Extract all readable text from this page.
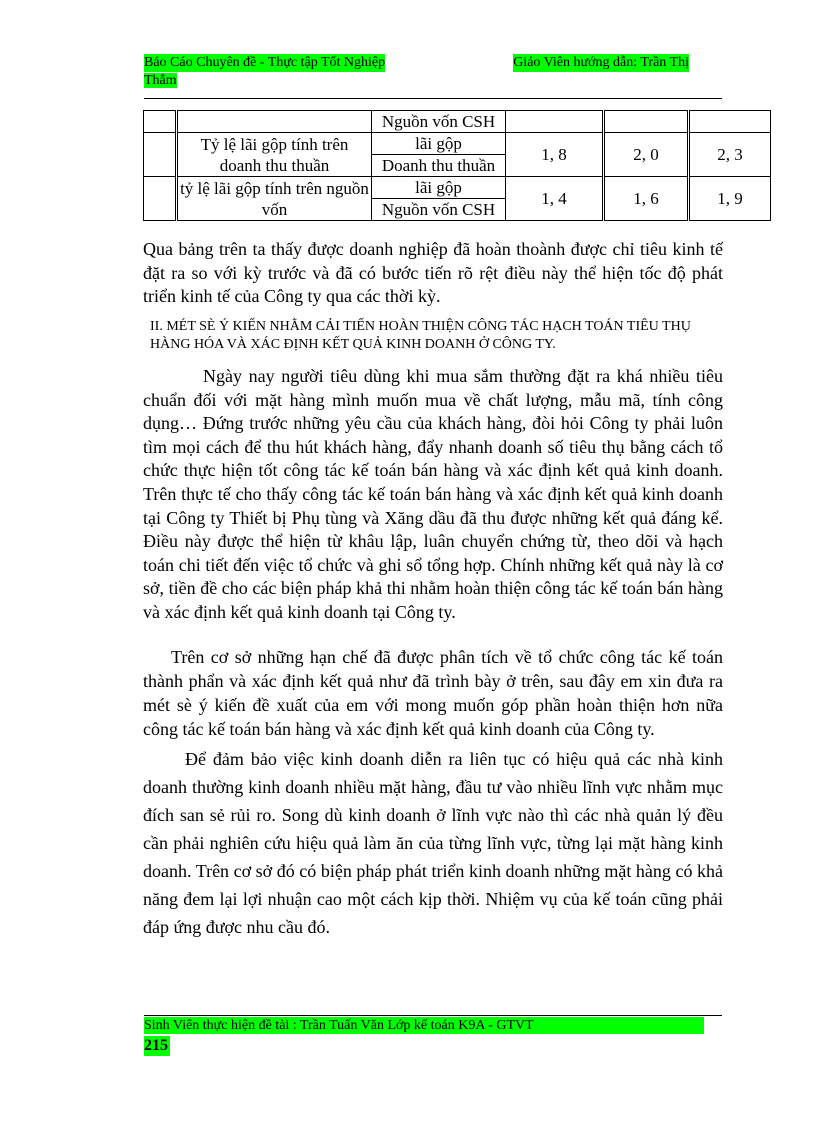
Báo Cáo Chuyên đề - Thực tập Tốt Nghiệp	Giáo Viên hướng dẫn: Trần Thị
Thắm
		Nguồn vốn CSH			
	Tỷ lệ lãi gộp tính trên doanh thu thuần	lãi gộp	1, 8	2, 0	2, 3
		Doanh thu thuần			
	tỷ lệ lãi gộp tính trên nguồn vốn	lãi gộp	1, 4	1, 6	1, 9
		Nguồn vốn CSH			

Qua bảng trên ta thấy được doanh nghiệp đã hoàn thoành được chỉ tiêu kinh tế đặt ra so với kỳ trước và đã có bước tiến rõ rệt điều này thể hiện tốc độ phát triển kinh tế của Công ty qua các thời kỳ.

II. MÉT SÈ Ý KIẾN NHẰM CẢI TIẾN HOÀN THIỆN CÔNG TÁC HẠCH TOÁN TIÊU THỤ HÀNG HÓA VÀ XÁC ĐỊNH KẾT QUẢ KINH DOANH Ở CÔNG TY.

Ngày nay người tiêu dùng khi mua sắm thường đặt ra khá nhiều tiêu chuẩn đối với mặt hàng mình muốn mua về chất lượng, mẫu mã, tính công dụng… Đứng trước những yêu cầu của khách hàng, đòi hỏi Công ty phải luôn tìm mọi cách để thu hút khách hàng, đẩy nhanh doanh số tiêu thụ bằng cách tổ chức thực hiện tốt công tác kế toán bán hàng và xác định kết quả kinh doanh. Trên thực tế cho thấy công tác kế toán bán hàng và xác định kết quả kinh doanh tại Công ty Thiết bị Phụ tùng và Xăng dầu đã thu được những kết quả đáng kể. Điều này được thể hiện từ khâu lập, luân chuyển chứng từ, theo dõi và hạch toán chi tiết đến việc tổ chức và ghi sổ tổng hợp. Chính những kết quả này là cơ sở, tiền đề cho các biện pháp khả thi nhằm hoàn thiện công tác kế toán bán hàng và xác định kết quả kinh doanh tại Công ty.

Trên cơ sở những hạn chế đã được phân tích về tổ chức công tác kế toán thành phẩn và xác định kết quả như đã trình bày ở trên, sau đây em xin đưa ra mét sè ý kiến đề xuất của em với mong muốn góp phần hoàn thiện hơn nữa công tác kế toán bán hàng và xác định kết quả kinh doanh của Công ty.

Để đảm bảo việc kinh doanh diễn ra liên tục có hiệu quả các nhà kinh doanh thường kinh doanh nhiều mặt hàng, đầu tư vào nhiều lĩnh vực nhằm mục đích san sẻ rủi ro. Song dù kinh doanh ở lĩnh vực nào thì các nhà quản lý đều cần phải nghiên cứu hiệu quả làm ăn của từng lĩnh vực, từng lại mặt hàng kinh doanh. Trên cơ sở đó có biện pháp phát triển kinh doanh những mặt hàng có khả năng đem lại lợi nhuận cao một cách kịp thời. Nhiệm vụ của kế toán cũng phải đáp ứng được nhu cầu đó.

Sinh Viên thực hiện đề tài : Trần Tuấn Văn Lớp kế toán K9A - GTVT
215
